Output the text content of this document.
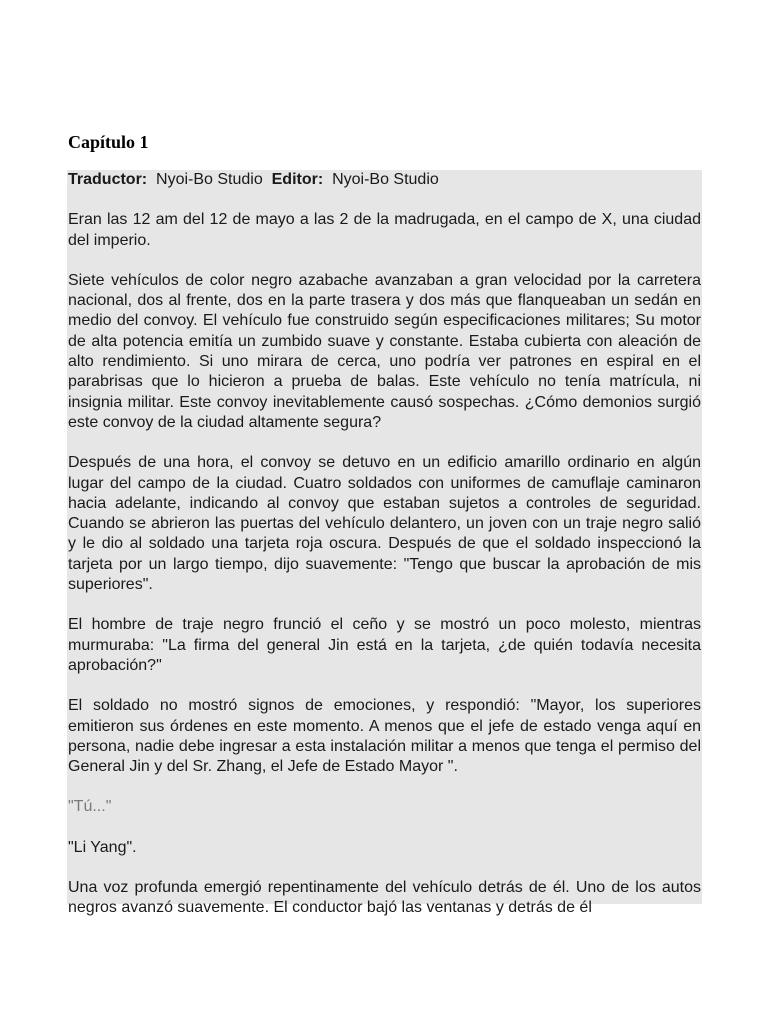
Capítulo 1

Traductor: Nyoi-Bo Studio Editor: Nyoi-Bo Studio

Eran las 12 am del 12 de mayo a las 2 de la madrugada, en el campo de X, una ciudad del imperio.

Siete vehículos de color negro azabache avanzaban a gran velocidad por la carretera nacional, dos al frente, dos en la parte trasera y dos más que flanqueaban un sedán en medio del convoy. El vehículo fue construido según especificaciones militares; Su motor de alta potencia emitía un zumbido suave y constante. Estaba cubierta con aleación de alto rendimiento. Si uno mirara de cerca, uno podría ver patrones en espiral en el parabrisas que lo hicieron a prueba de balas. Este vehículo no tenía matrícula, ni insignia militar. Este convoy inevitablemente causó sospechas. ¿Cómo demonios surgió este convoy de la ciudad altamente segura?

Después de una hora, el convoy se detuvo en un edificio amarillo ordinario en algún lugar del campo de la ciudad. Cuatro soldados con uniformes de camuflaje caminaron hacia adelante, indicando al convoy que estaban sujetos a controles de seguridad. Cuando se abrieron las puertas del vehículo delantero, un joven con un traje negro salió y le dio al soldado una tarjeta roja oscura. Después de que el soldado inspeccionó la tarjeta por un largo tiempo, dijo suavemente: "Tengo que buscar la aprobación de mis superiores".

El hombre de traje negro frunció el ceño y se mostró un poco molesto, mientras murmuraba: "La firma del general Jin está en la tarjeta, ¿de quién todavía necesita aprobación?"

El soldado no mostró signos de emociones, y respondió: "Mayor, los superiores emitieron sus órdenes en este momento. A menos que el jefe de estado venga aquí en persona, nadie debe ingresar a esta instalación militar a menos que tenga el permiso del General Jin y del Sr. Zhang, el Jefe de Estado Mayor ".

"Tú..."

"Li Yang".

Una voz profunda emergió repentinamente del vehículo detrás de él. Uno de los autos negros avanzó suavemente. El conductor bajó las ventanas y detrás de él
